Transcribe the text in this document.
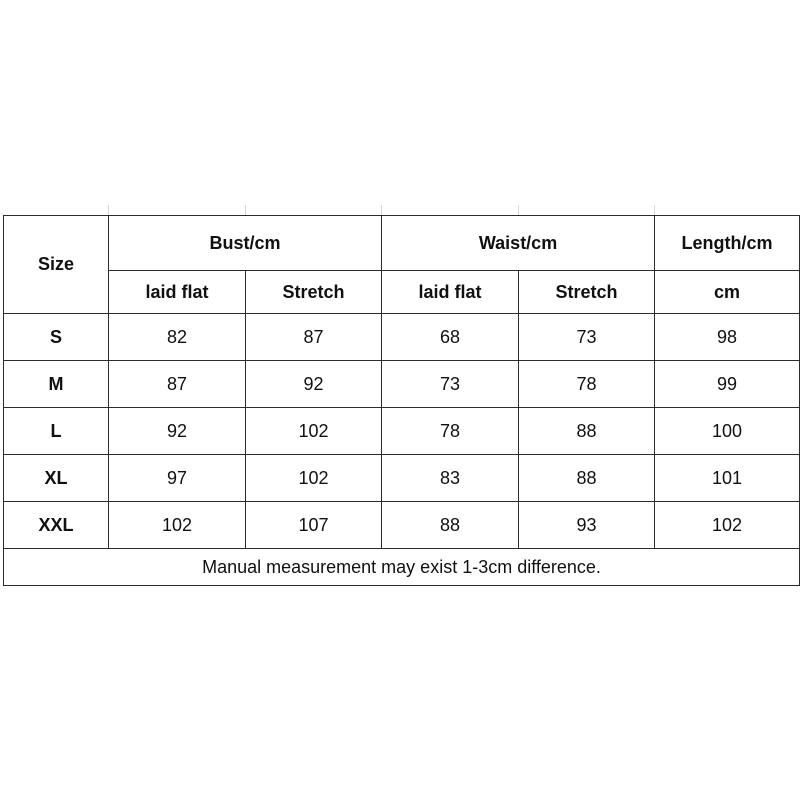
Size	Bust/cm		Waist/cm		Length/cm
	laid flat	Stretch	laid flat	Stretch	cm
S	82	87	68	73	98
M	87	92	73	78	99
L	92	102	78	88	100
XL	97	102	83	88	101
XXL	102	107	88	93	102
Manual measurement may exist 1-3cm difference.					
